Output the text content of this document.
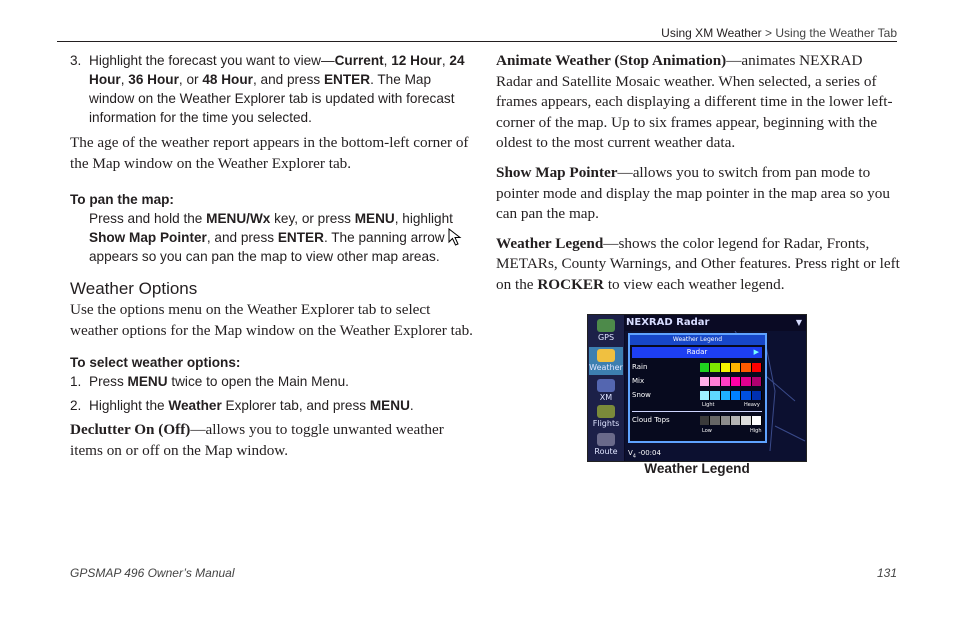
Using XM Weather > Using the Weather Tab

3. Highlight the forecast you want to view—Current, 12 Hour, 24 Hour, 36 Hour, or 48 Hour, and press ENTER. The Map window on the Weather Explorer tab is updated with forecast information for the time you selected.

The age of the weather report appears in the bottom-left corner of the Map window on the Weather Explorer tab.

To pan the map:

Press and hold the MENU/Wx key, or press MENU, highlight Show Map Pointer, and press ENTER. The panning arrow  appears so you can pan the map to view other map areas.

Weather Options

Use the options menu on the Weather Explorer tab to select weather options for the Map window on the Weather Explorer tab.

To select weather options:

1. Press MENU twice to open the Main Menu.

2. Highlight the Weather Explorer tab, and press MENU.

Declutter On (Off)—allows you to toggle unwanted weather items on or off on the Map window.

Animate Weather (Stop Animation)—animates NEXRAD Radar and Satellite Mosaic weather. When selected, a series of frames appears, each displaying a different time in the lower left-corner of the map. Up to six frames appear, beginning with the oldest to the most current weather data.

Show Map Pointer—allows you to switch from pan mode to pointer mode and display the map pointer in the map area so you can pan the map.

Weather Legend—shows the color legend for Radar, Fronts, METARs, County Warnings, and Other features. Press right or left on the ROCKER to view each weather legend.

GPS
Weather
XM
Flights
Route
NEXRAD Radar	▼
Weather Legend
Radar	▶
Rain
Mix
Snow
Light	Heavy
Cloud Tops
Low	High
$V_4$ -00:04
Weather Legend
GPSMAP 496 Owner’s Manual	131
